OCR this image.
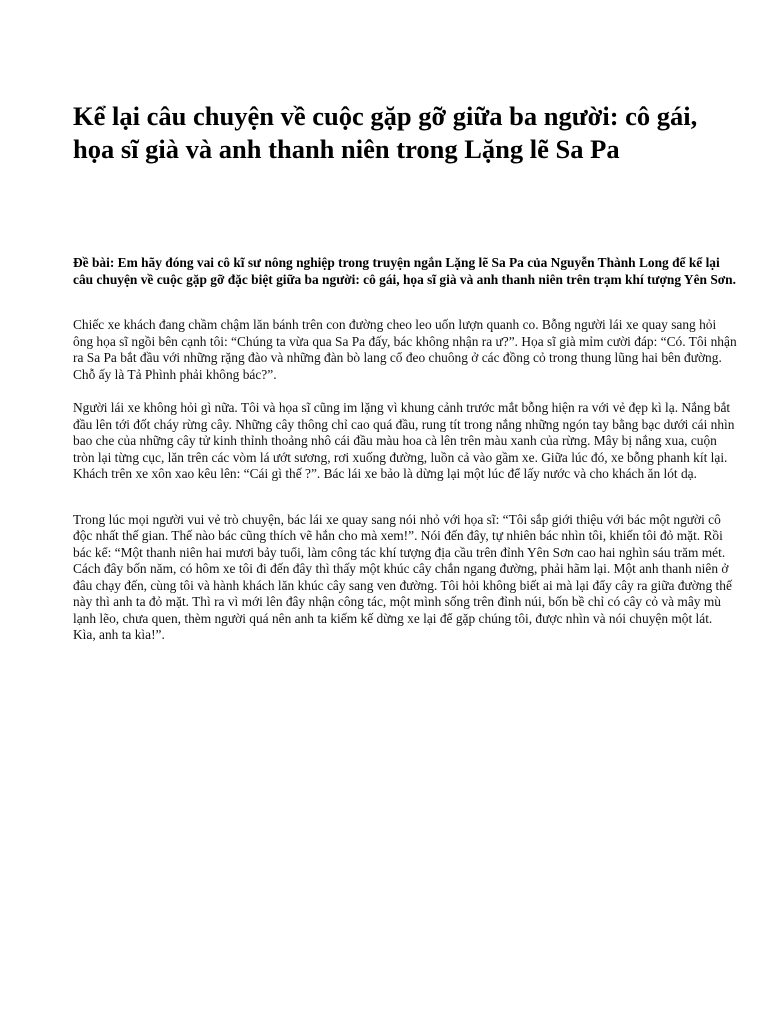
Kể lại câu chuyện về cuộc gặp gỡ giữa ba người: cô gái, họa sĩ già và anh thanh niên trong Lặng lẽ Sa Pa

Đề bài: Em hãy đóng vai cô kĩ sư nông nghiệp trong truyện ngắn Lặng lẽ Sa Pa của Nguyễn Thành Long để kể lại câu chuyện về cuộc gặp gỡ đặc biệt giữa ba người: cô gái, họa sĩ già và anh thanh niên trên trạm khí tượng Yên Sơn.

Chiếc xe khách đang chầm chậm lăn bánh trên con đường cheo leo uốn lượn quanh co. Bỗng người lái xe quay sang hỏi ông họa sĩ ngồi bên cạnh tôi: “Chúng ta vừa qua Sa Pa đấy, bác không nhận ra ư?”. Họa sĩ già mỉm cười đáp: “Có. Tôi nhận ra Sa Pa bắt đầu với những rặng đào và những đàn bò lang cổ đeo chuông ở các đồng cỏ trong thung lũng hai bên đường. Chỗ ấy là Tả Phình phải không bác?”.

Người lái xe không hỏi gì nữa. Tôi và họa sĩ cũng im lặng vì khung cảnh trước mắt bỗng hiện ra với vẻ đẹp kì lạ. Nắng bắt đầu lên tới đốt cháy rừng cây. Những cây thông chỉ cao quá đầu, rung tít trong nắng những ngón tay bằng bạc dưới cái nhìn bao che của những cây tử kinh thỉnh thoảng nhô cái đầu màu hoa cà lên trên màu xanh của rừng. Mây bị nắng xua, cuộn tròn lại từng cục, lăn trên các vòm lá ướt sương, rơi xuống đường, luồn cả vào gầm xe. Giữa lúc đó, xe bỗng phanh kít lại. Khách trên xe xôn xao kêu lên: “Cái gì thế ?”. Bác lái xe bảo là dừng lại một lúc để lấy nước và cho khách ăn lót dạ.

Trong lúc mọi người vui vẻ trò chuyện, bác lái xe quay sang nói nhỏ với họa sĩ: “Tôi sắp giới thiệu với bác một người cô độc nhất thế gian. Thế nào bác cũng thích vẽ hắn cho mà xem!”. Nói đến đây, tự nhiên bác nhìn tôi, khiến tôi đỏ mặt. Rồi bác kể: “Một thanh niên hai mươi bảy tuổi, làm công tác khí tượng địa cầu trên đỉnh Yên Sơn cao hai nghìn sáu trăm mét. Cách đây bốn năm, có hôm xe tôi đi đến đây thì thấy một khúc cây chắn ngang đường, phải hãm lại. Một anh thanh niên ở đâu chạy đến, cùng tôi và hành khách lăn khúc cây sang ven đường. Tôi hỏi không biết ai mà lại đẩy cây ra giữa đường thế này thì anh ta đỏ mặt. Thì ra vì mới lên đây nhận công tác, một mình sống trên đỉnh núi, bốn bề chỉ có cây cỏ và mây mù lạnh lẽo, chưa quen, thèm người quá nên anh ta kiếm kế dừng xe lại để gặp chúng tôi, được nhìn và nói chuyện một lát. Kìa, anh ta kìa!”.
